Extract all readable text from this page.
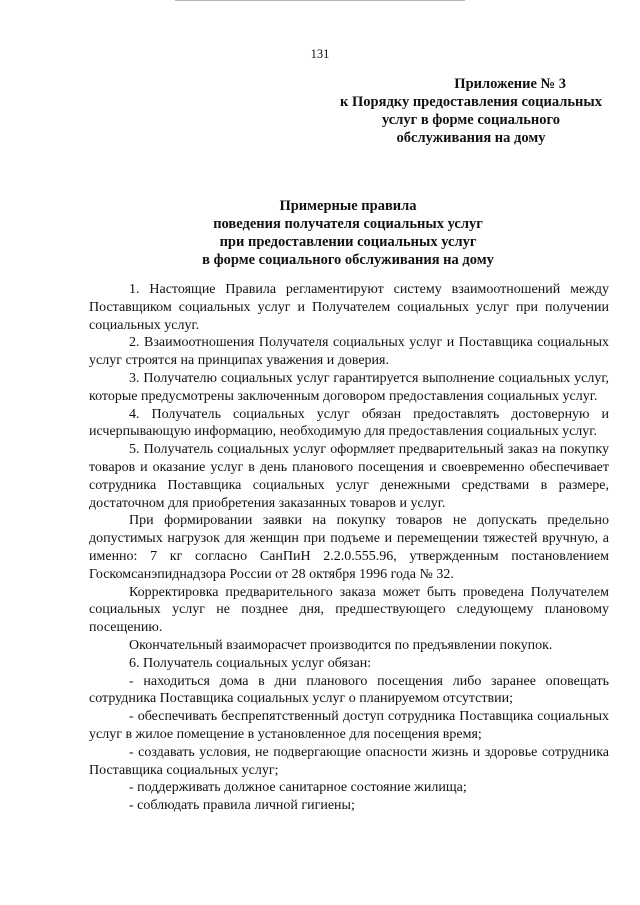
131
Приложение № 3
к Порядку предоставления социальных
услуг в форме социального
обслуживания на дому
Примерные правила
поведения получателя социальных услуг
при предоставлении социальных услуг
в форме социального обслуживания на дому

1. Настоящие Правила регламентируют систему взаимоотношений между Поставщиком социальных услуг и Получателем социальных услуг при получении социальных услуг.

2. Взаимоотношения Получателя социальных услуг и Поставщика социальных услуг строятся на принципах уважения и доверия.

3. Получателю социальных услуг гарантируется выполнение социальных услуг, которые предусмотрены заключенным договором предоставления социальных услуг.

4. Получатель социальных услуг обязан предоставлять достоверную и исчерпывающую информацию, необходимую для предоставления социальных услуг.

5. Получатель социальных услуг оформляет предварительный заказ на покупку товаров и оказание услуг в день планового посещения и своевременно обеспечивает сотрудника Поставщика социальных услуг денежными средствами в размере, достаточном для приобретения заказанных товаров и услуг.

При формировании заявки на покупку товаров не допускать предельно допустимых нагрузок для женщин при подъеме и перемещении тяжестей вручную, а именно: 7 кг согласно СанПиН 2.2.0.555.96, утвержденным постановлением Госкомсанэпиднадзора России от 28 октября 1996 года № 32.

Корректировка предварительного заказа может быть проведена Получателем социальных услуг не позднее дня, предшествующего следующему плановому посещению.

Окончательный взаиморасчет производится по предъявлении покупок.

6. Получатель социальных услуг обязан:

- находиться дома в дни планового посещения либо заранее оповещать сотрудника Поставщика социальных услуг о планируемом отсутствии;

- обеспечивать беспрепятственный доступ сотрудника Поставщика социальных услуг в жилое помещение в установленное для посещения время;

- создавать условия, не подвергающие опасности жизнь и здоровье сотрудника Поставщика социальных услуг;

- поддерживать должное санитарное состояние жилища;

- соблюдать правила личной гигиены;
